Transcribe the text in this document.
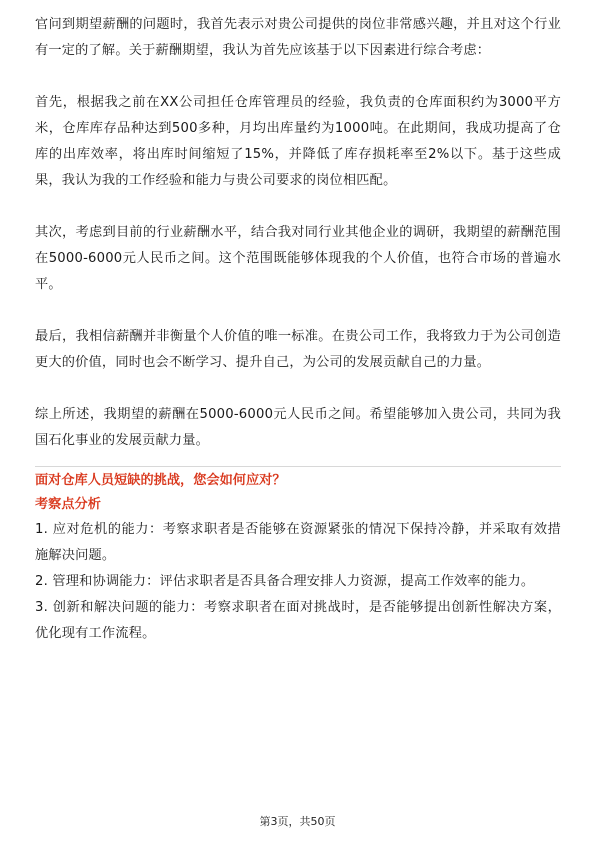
官问到期望薪酬的问题时，我首先表示对贵公司提供的岗位非常感兴趣，并且对这个行业有一定的了解。关于薪酬期望，我认为首先应该基于以下因素进行综合考虑：

首先，根据我之前在XX公司担任仓库管理员的经验，我负责的仓库面积约为3000平方米，仓库库存品种达到500多种，月均出库量约为1000吨。在此期间，我成功提高了仓库的出库效率，将出库时间缩短了15%，并降低了库存损耗率至2%以下。基于这些成果，我认为我的工作经验和能力与贵公司要求的岗位相匹配。

其次，考虑到目前的行业薪酬水平，结合我对同行业其他企业的调研，我期望的薪酬范围在5000-6000元人民币之间。这个范围既能够体现我的个人价值，也符合市场的普遍水平。

最后，我相信薪酬并非衡量个人价值的唯一标准。在贵公司工作，我将致力于为公司创造更大的价值，同时也会不断学习、提升自己，为公司的发展贡献自己的力量。

综上所述，我期望的薪酬在5000-6000元人民币之间。希望能够加入贵公司，共同为我国石化事业的发展贡献力量。

面对仓库人员短缺的挑战，您会如何应对？

考察点分析

1. 应对危机的能力：考察求职者是否能够在资源紧张的情况下保持冷静，并采取有效措施解决问题。

2. 管理和协调能力：评估求职者是否具备合理安排人力资源，提高工作效率的能力。

3. 创新和解决问题的能力：考察求职者在面对挑战时，是否能够提出创新性解决方案，优化现有工作流程。

第3页，共50页
